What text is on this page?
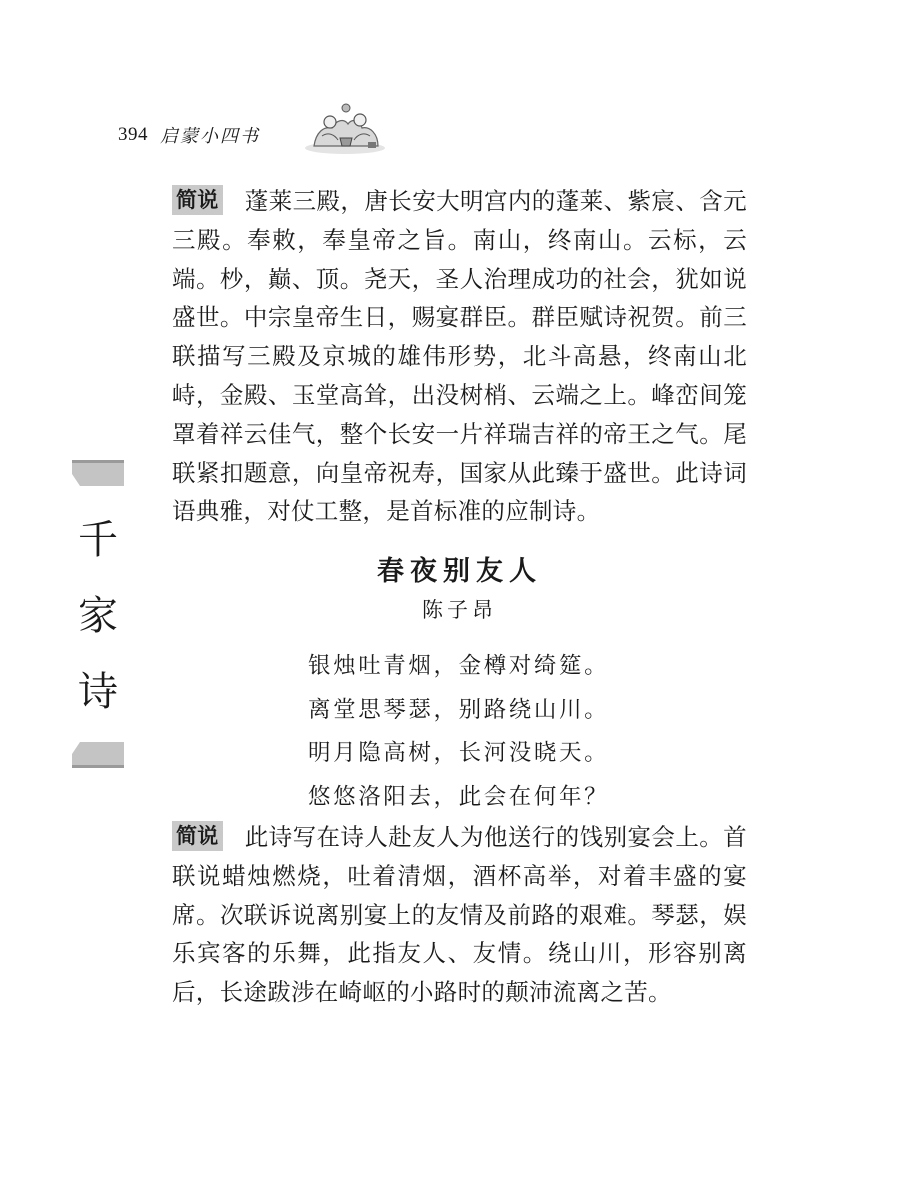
394 启蒙小四书
千
家
诗

简说 蓬莱三殿，唐长安大明宫内的蓬莱、紫宸、含元三殿。奉敕，奉皇帝之旨。南山，终南山。云标，云端。杪，巅、顶。尧天，圣人治理成功的社会，犹如说盛世。中宗皇帝生日，赐宴群臣。群臣赋诗祝贺。前三联描写三殿及京城的雄伟形势，北斗高悬，终南山北峙，金殿、玉堂高耸，出没树梢、云端之上。峰峦间笼罩着祥云佳气，整个长安一片祥瑞吉祥的帝王之气。尾联紧扣题意，向皇帝祝寿，国家从此臻于盛世。此诗词语典雅，对仗工整，是首标准的应制诗。

春夜别友人
陈子昂
银烛吐青烟，金樽对绮筵。
离堂思琴瑟，别路绕山川。
明月隐高树，长河没晓天。
悠悠洛阳去，此会在何年？

简说 此诗写在诗人赴友人为他送行的饯别宴会上。首联说蜡烛燃烧，吐着清烟，酒杯高举，对着丰盛的宴席。次联诉说离别宴上的友情及前路的艰难。琴瑟，娱乐宾客的乐舞，此指友人、友情。绕山川，形容别离后，长途跋涉在崎岖的小路时的颠沛流离之苦。
